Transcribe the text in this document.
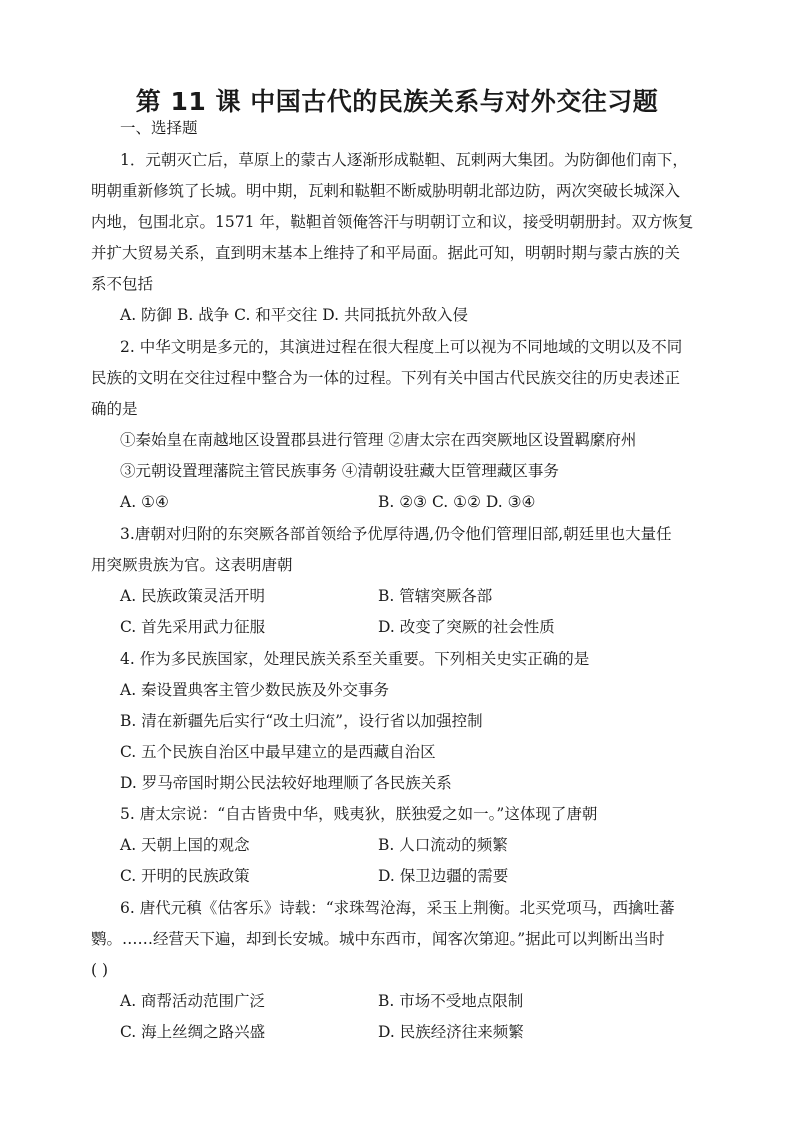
第 11 课 中国古代的民族关系与对外交往习题
一、选择题
1．元朝灭亡后，草原上的蒙古人逐渐形成鞑靼、瓦剌两大集团。为防御他们南下，
明朝重新修筑了长城。明中期，瓦剌和鞑靼不断威胁明朝北部边防，两次突破长城深入
内地，包围北京。1571 年，鞑靼首领俺答汗与明朝订立和议，接受明朝册封。双方恢复
并扩大贸易关系，直到明末基本上维持了和平局面。据此可知，明朝时期与蒙古族的关
系不包括
A. 防御 B. 战争 C. 和平交往 D. 共同抵抗外敌入侵
2. 中华文明是多元的，其演进过程在很大程度上可以视为不同地域的文明以及不同
民族的文明在交往过程中整合为一体的过程。下列有关中国古代民族交往的历史表述正
确的是
①秦始皇在南越地区设置郡县进行管理 ②唐太宗在西突厥地区设置羁縻府州
③元朝设置理藩院主管民族事务 ④清朝设驻藏大臣管理藏区事务
A. ①④	B. ②③ C. ①② D. ③④
3.唐朝对归附的东突厥各部首领给予优厚待遇,仍令他们管理旧部,朝廷里也大量任
用突厥贵族为官。这表明唐朝
A. 民族政策灵活开明	B. 管辖突厥各部
C. 首先采用武力征服	D. 改变了突厥的社会性质
4. 作为多民族国家，处理民族关系至关重要。下列相关史实正确的是
A. 秦设置典客主管少数民族及外交事务
B. 清在新疆先后实行“改土归流”，设行省以加强控制
C. 五个民族自治区中最早建立的是西藏自治区
D. 罗马帝国时期公民法较好地理顺了各民族关系
5. 唐太宗说：“自古皆贵中华，贱夷狄，朕独爱之如一。”这体现了唐朝
A. 天朝上国的观念	B. 人口流动的频繁
C. 开明的民族政策	D. 保卫边疆的需要
6. 唐代元稹《估客乐》诗载：“求珠驾沧海，采玉上荆衡。北买党项马，西擒吐蕃
鹦。……经营天下遍，却到长安城。城中东西市，闻客次第迎。”据此可以判断出当时
( )
A. 商帮活动范围广泛	B. 市场不受地点限制
C. 海上丝绸之路兴盛	D. 民族经济往来频繁
